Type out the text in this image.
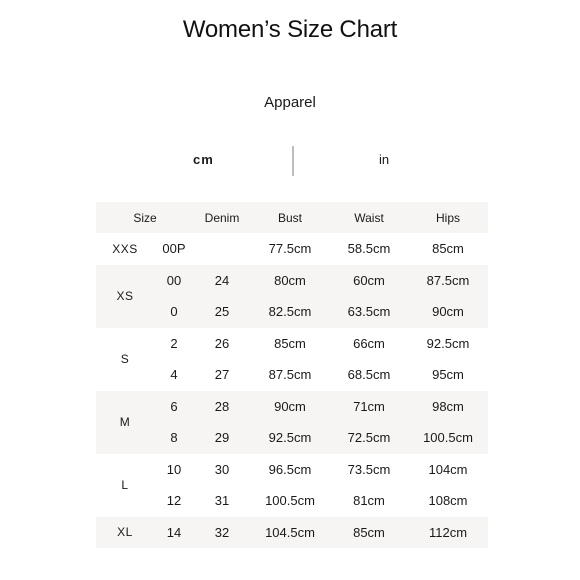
Women’s Size Chart
Apparel
cm	in
Size		Denim	Bust	Waist	Hips
XXS	00P		77.5cm	58.5cm	85cm
XS	00	24	80cm	60cm	87.5cm
	0	25	82.5cm	63.5cm	90cm
S	2	26	85cm	66cm	92.5cm
	4	27	87.5cm	68.5cm	95cm
M	6	28	90cm	71cm	98cm
	8	29	92.5cm	72.5cm	100.5cm
L	10	30	96.5cm	73.5cm	104cm
	12	31	100.5cm	81cm	108cm
XL	14	32	104.5cm	85cm	112cm
